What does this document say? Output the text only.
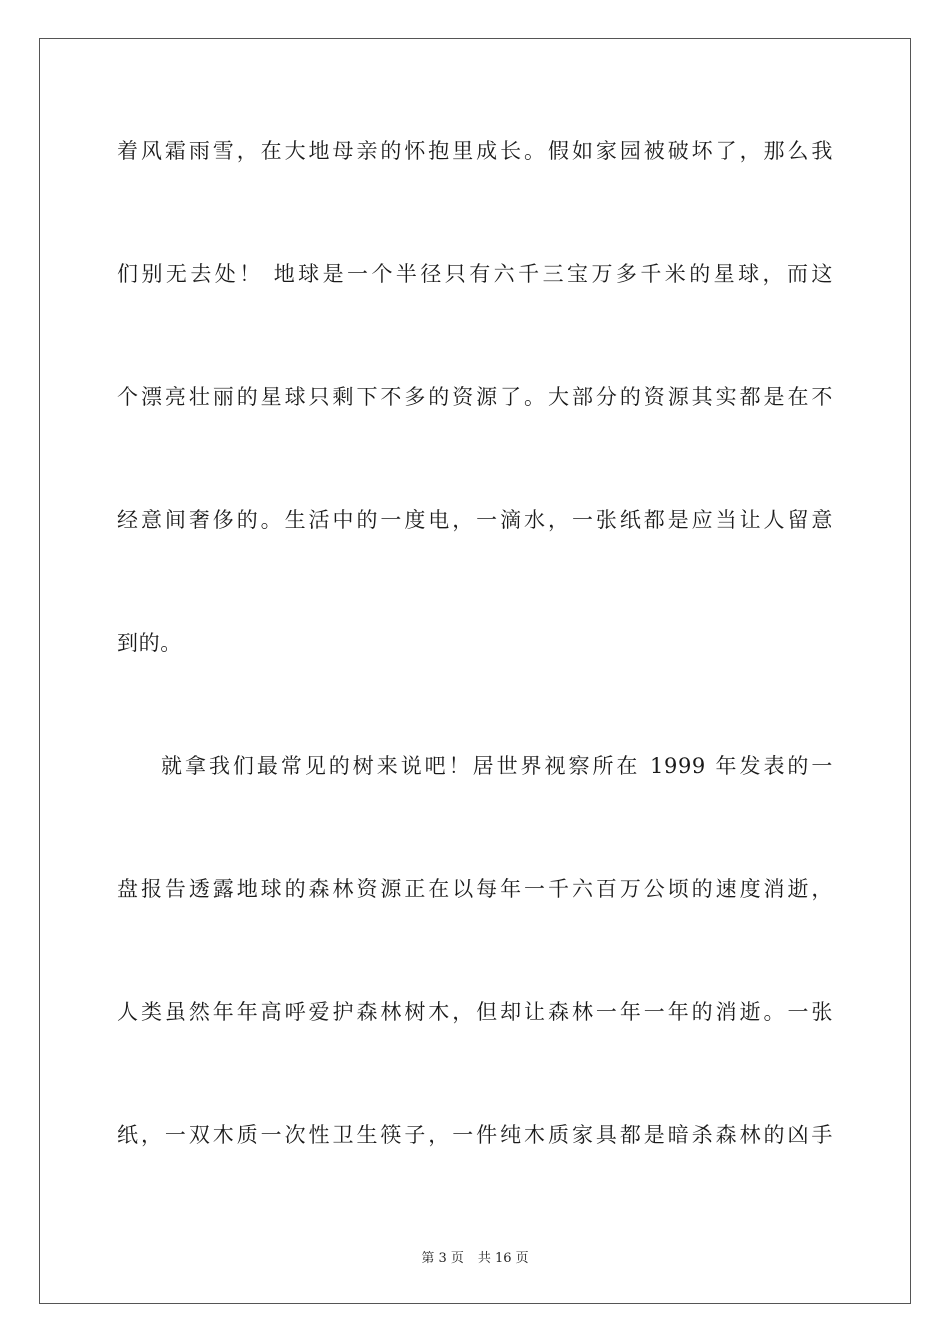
着风霜雨雪，在大地母亲的怀抱里成长。假如家园被破坏了，那么我
们别无去处！ 地球是一个半径只有六千三宝万多千米的星球，而这
个漂亮壮丽的星球只剩下不多的资源了。大部分的资源其实都是在不
经意间奢侈的。生活中的一度电，一滴水，一张纸都是应当让人留意
到的。
就拿我们最常见的树来说吧！居世界视察所在 1999 年发表的一
盘报告透露地球的森林资源正在以每年一千六百万公顷的速度消逝，
人类虽然年年高呼爱护森林树木，但却让森林一年一年的消逝。一张
纸，一双木质一次性卫生筷子，一件纯木质家具都是暗杀森林的凶手
第 3 页 共 16 页
